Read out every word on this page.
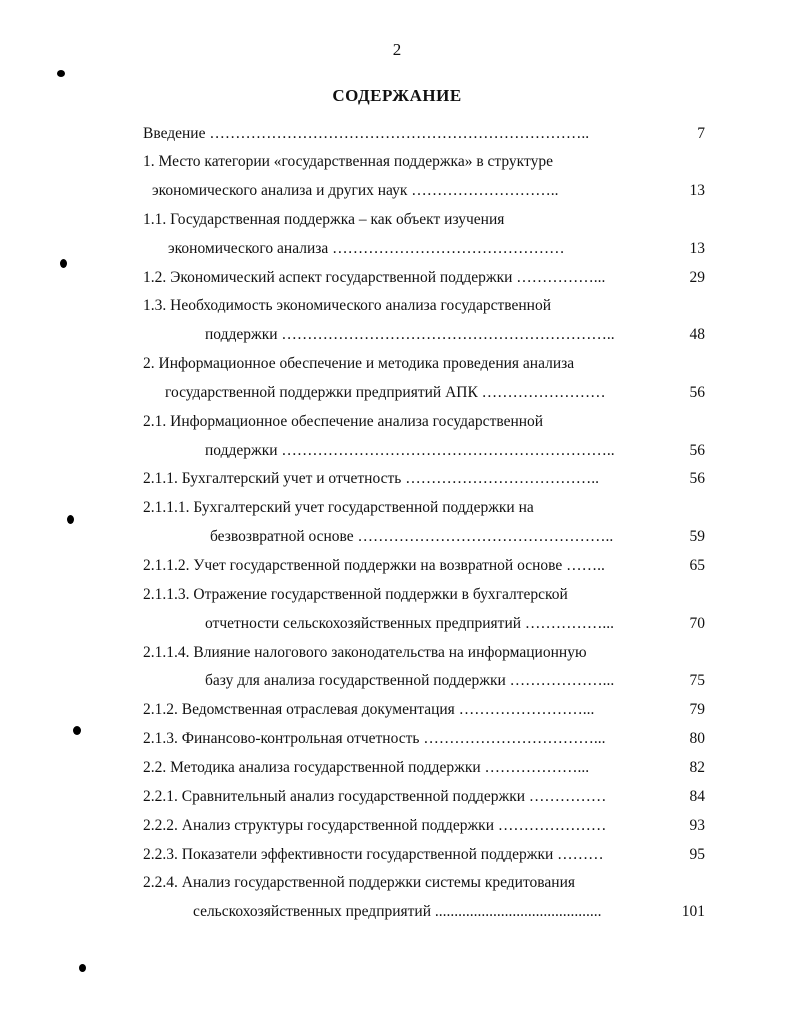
2
СОДЕРЖАНИЕ
Введение ………………………………………………………………..	7
1. Место категории «государственная поддержка» в структуре
экономического анализа и других наук ………………………..	13
1.1. Государственная поддержка – как объект изучения
экономического анализа ………………………………………	13
1.2. Экономический аспект государственной поддержки ……………...	29
1.3. Необходимость экономического анализа государственной
поддержки ………………………………………………………..	48
2. Информационное обеспечение и методика проведения анализа
государственной поддержки предприятий АПК ……………………	56
2.1. Информационное обеспечение анализа государственной
поддержки ………………………………………………………..	56
2.1.1. Бухгалтерский учет и отчетность ………………………………..	56
2.1.1.1. Бухгалтерский учет государственной поддержки на
безвозвратной основе …………………………………………..	59
2.1.1.2. Учет государственной поддержки на возвратной основе ……..	65
2.1.1.3. Отражение государственной поддержки в бухгалтерской
отчетности сельскохозяйственных предприятий ……………...	70
2.1.1.4. Влияние налогового законодательства на информационную
базу для анализа государственной поддержки ………………...	75
2.1.2. Ведомственная отраслевая документация ……………………...	79
2.1.3. Финансово-контрольная отчетность ……………………………...	80
2.2. Методика анализа государственной поддержки ………………...	82
2.2.1. Сравнительный анализ государственной поддержки ……………	84
2.2.2. Анализ структуры государственной поддержки …………………	93
2.2.3. Показатели эффективности государственной поддержки ………	95
2.2.4. Анализ государственной поддержки системы кредитования
сельскохозяйственных предприятий ...........................................	101
